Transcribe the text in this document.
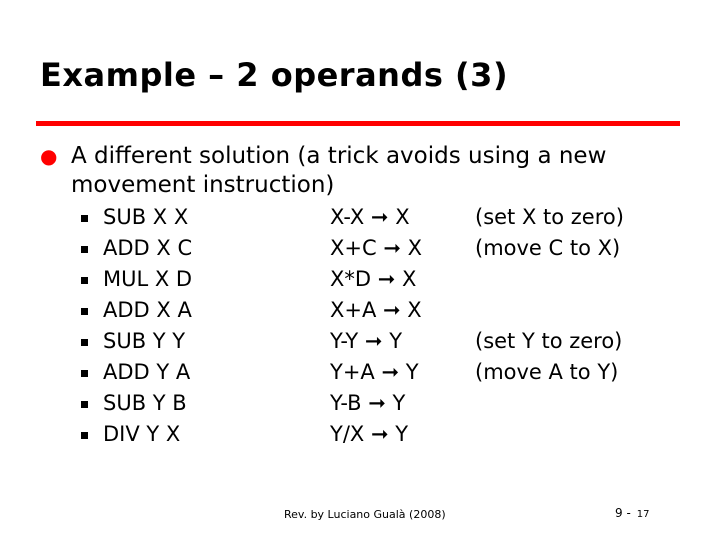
Example – 2 operands (3)
● A different solution (a trick avoids using a new movement instruction)
SUB X X	X-X ➞ X	(set X to zero)
ADD X C	X+C ➞ X	(move C to X)
MUL X D	X*D ➞ X
ADD X A	X+A ➞ X
SUB Y Y	Y-Y ➞ Y	(set Y to zero)
ADD Y A	Y+A ➞ Y	(move A to Y)
SUB Y B	Y-B ➞ Y
DIV Y X	Y/X ➞ Y
Rev. by Luciano Gualà (2008)	9 - 17
